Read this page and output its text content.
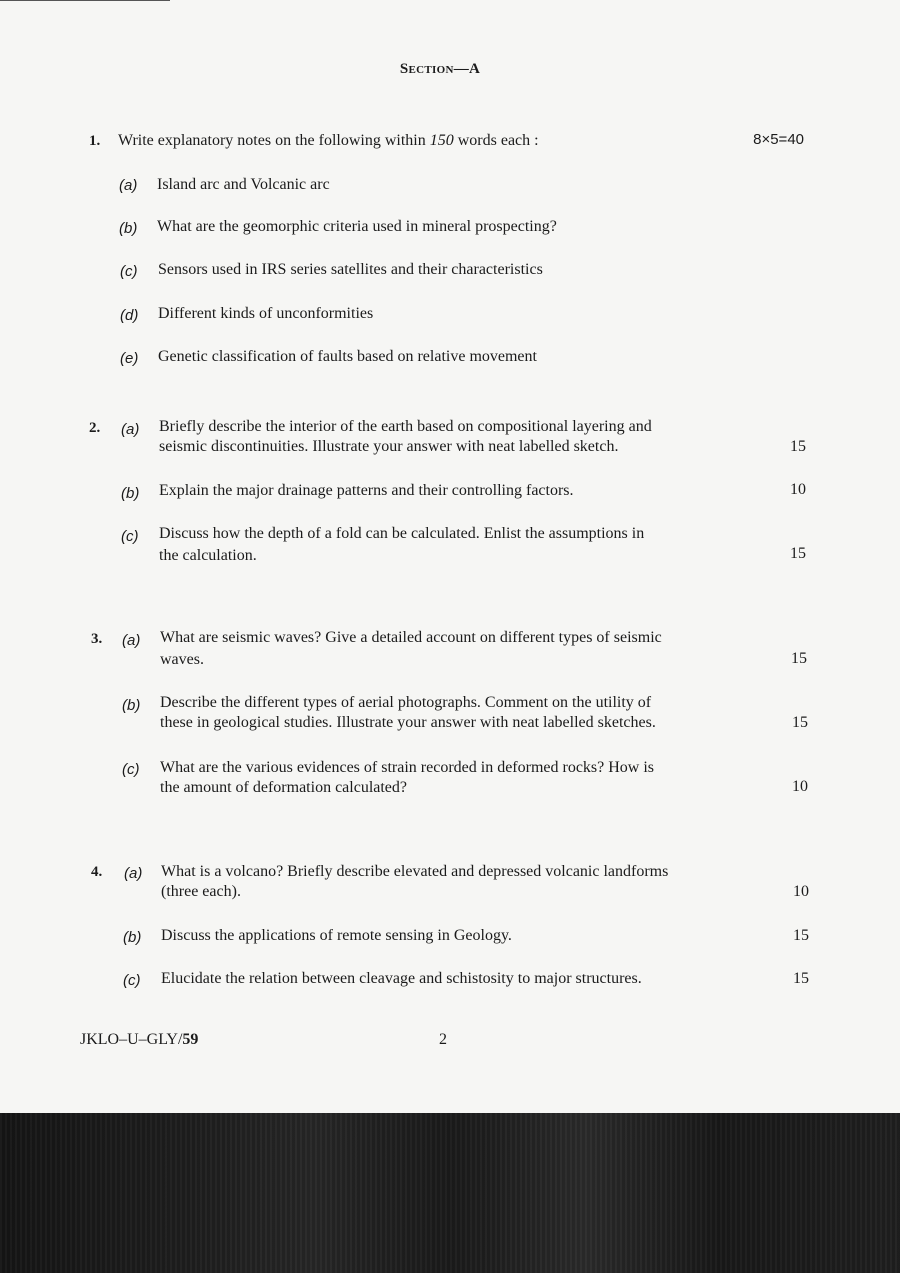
Section—A
1. Write explanatory notes on the following within 150 words each :	8×5=40
(a) Island arc and Volcanic arc
(b) What are the geomorphic criteria used in mineral prospecting?
(c) Sensors used in IRS series satellites and their characteristics
(d) Different kinds of unconformities
(e) Genetic classification of faults based on relative movement
2. (a) Briefly describe the interior of the earth based on compositional layering and
seismic discontinuities. Illustrate your answer with neat labelled sketch.	15
(b) Explain the major drainage patterns and their controlling factors.	10
(c) Discuss how the depth of a fold can be calculated. Enlist the assumptions in
the calculation.	15
3. (a) What are seismic waves? Give a detailed account on different types of seismic
waves.	15
(b) Describe the different types of aerial photographs. Comment on the utility of
these in geological studies. Illustrate your answer with neat labelled sketches.	15
(c) What are the various evidences of strain recorded in deformed rocks? How is
the amount of deformation calculated?	10
4. (a) What is a volcano? Briefly describe elevated and depressed volcanic landforms
(three each).	10
(b) Discuss the applications of remote sensing in Geology.	15
(c) Elucidate the relation between cleavage and schistosity to major structures.	15
JKLO–U–GLY/59	2
